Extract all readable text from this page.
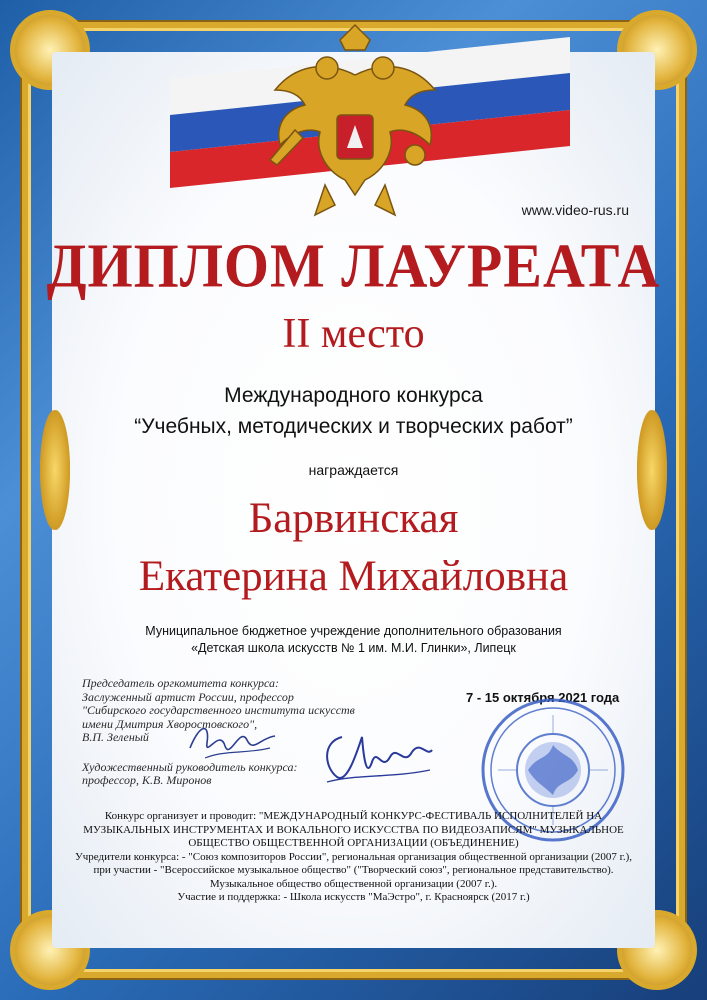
www.video-rus.ru
ДИПЛОМ ЛАУРЕАТА
II место
Международного конкурса
“Учебных, методических и творческих работ”
награждается
Барвинская
Екатерина Михайловна
Муниципальное бюджетное учреждение дополнительного образования
«Детская школа искусств № 1 им. М.И. Глинки», Липецк
Председатель оргкомитета конкурса:
Заслуженный артист России, профессор
"Сибирского государственного института искусств
имени Дмитрия Хворостовского",
В.П. Зеленый
Художественный руководитель конкурса:
профессор, К.В. Миронов
7 - 15 октября 2021 года

Конкурс организует и проводит: "МЕЖДУНАРОДНЫЙ КОНКУРС-ФЕСТИВАЛЬ ИСПОЛНИТЕЛЕЙ НА

МУЗЫКАЛЬНЫХ ИНСТРУМЕНТАХ И ВОКАЛЬНОГО ИСКУССТВА ПО ВИДЕОЗАПИСЯМ" МУЗЫКАЛЬНОЕ

ОБЩЕСТВО ОБЩЕСТВЕННОЙ ОРГАНИЗАЦИИ (ОБЪЕДИНЕНИЕ)

Учредители конкурса: - "Союз композиторов России", региональная организация общественной организации (2007 г.),

при участии - "Всероссийское музыкальное общество" ("Творческий союз", региональное представительство).

Музыкальное общество общественной организации (2007 г.).

Участие и поддержка: - Школа искусств "МаЭстро", г. Красноярск (2017 г.)
